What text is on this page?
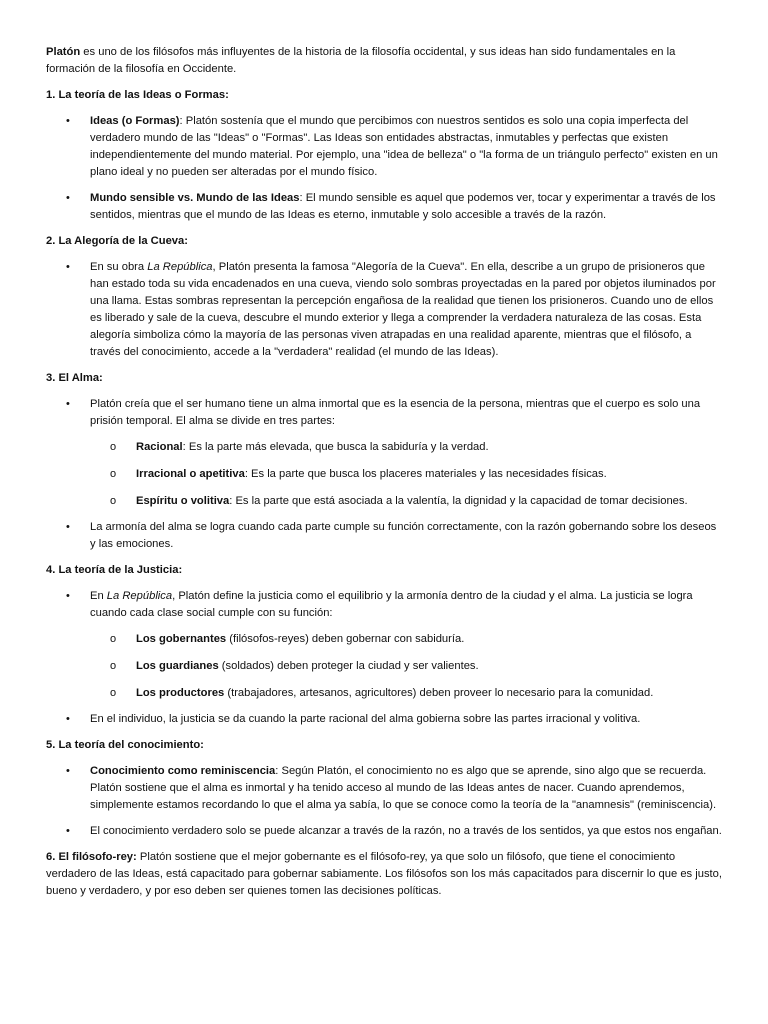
Platón es uno de los filósofos más influyentes de la historia de la filosofía occidental, y sus ideas han sido fundamentales en la formación de la filosofía en Occidente.

1. La teoría de las Ideas o Formas:

• Ideas (o Formas): Platón sostenía que el mundo que percibimos con nuestros sentidos es solo una copia imperfecta del verdadero mundo de las "Ideas" o "Formas". Las Ideas son entidades abstractas, inmutables y perfectas que existen independientemente del mundo material. Por ejemplo, una "idea de belleza" o "la forma de un triángulo perfecto" existen en un plano ideal y no pueden ser alteradas por el mundo físico.
• Mundo sensible vs. Mundo de las Ideas: El mundo sensible es aquel que podemos ver, tocar y experimentar a través de los sentidos, mientras que el mundo de las Ideas es eterno, inmutable y solo accesible a través de la razón.

2. La Alegoría de la Cueva:

• En su obra La República, Platón presenta la famosa "Alegoría de la Cueva". En ella, describe a un grupo de prisioneros que han estado toda su vida encadenados en una cueva, viendo solo sombras proyectadas en la pared por objetos iluminados por una llama. Estas sombras representan la percepción engañosa de la realidad que tienen los prisioneros. Cuando uno de ellos es liberado y sale de la cueva, descubre el mundo exterior y llega a comprender la verdadera naturaleza de las cosas. Esta alegoría simboliza cómo la mayoría de las personas viven atrapadas en una realidad aparente, mientras que el filósofo, a través del conocimiento, accede a la "verdadera" realidad (el mundo de las Ideas).

3. El Alma:

• Platón creía que el ser humano tiene un alma inmortal que es la esencia de la persona, mientras que el cuerpo es solo una prisión temporal. El alma se divide en tres partes:
o Racional: Es la parte más elevada, que busca la sabiduría y la verdad.
o Irracional o apetitiva: Es la parte que busca los placeres materiales y las necesidades físicas.
o Espíritu o volitiva: Es la parte que está asociada a la valentía, la dignidad y la capacidad de tomar decisiones.
• La armonía del alma se logra cuando cada parte cumple su función correctamente, con la razón gobernando sobre los deseos y las emociones.

4. La teoría de la Justicia:

• En La República, Platón define la justicia como el equilibrio y la armonía dentro de la ciudad y el alma. La justicia se logra cuando cada clase social cumple con su función:
o Los gobernantes (filósofos-reyes) deben gobernar con sabiduría.
o Los guardianes (soldados) deben proteger la ciudad y ser valientes.
o Los productores (trabajadores, artesanos, agricultores) deben proveer lo necesario para la comunidad.
• En el individuo, la justicia se da cuando la parte racional del alma gobierna sobre las partes irracional y volitiva.

5. La teoría del conocimiento:

• Conocimiento como reminiscencia: Según Platón, el conocimiento no es algo que se aprende, sino algo que se recuerda. Platón sostiene que el alma es inmortal y ha tenido acceso al mundo de las Ideas antes de nacer. Cuando aprendemos, simplemente estamos recordando lo que el alma ya sabía, lo que se conoce como la teoría de la "anamnesis" (reminiscencia).
• El conocimiento verdadero solo se puede alcanzar a través de la razón, no a través de los sentidos, ya que estos nos engañan.

6. El filósofo-rey: Platón sostiene que el mejor gobernante es el filósofo-rey, ya que solo un filósofo, que tiene el conocimiento verdadero de las Ideas, está capacitado para gobernar sabiamente. Los filósofos son los más capacitados para discernir lo que es justo, bueno y verdadero, y por eso deben ser quienes tomen las decisiones políticas.
